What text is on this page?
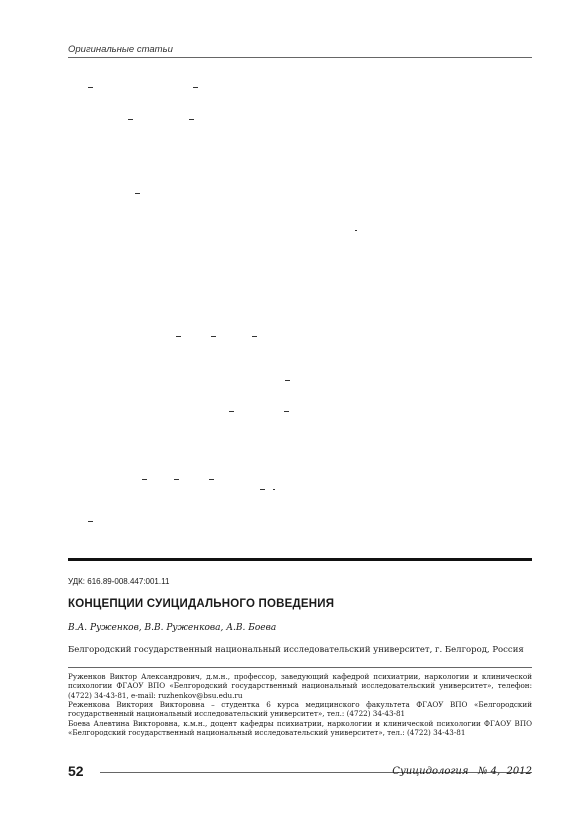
Оригинальные статьи
УДК: 616.89-008.447:001.11
КОНЦЕПЦИИ СУИЦИДАЛЬНОГО ПОВЕДЕНИЯ
В.А. Руженков, В.В. Руженкова, А.В. Боева
Белгородский государственный национальный исследовательский университет, г. Белгород, Россия

Руженков Виктор Александрович, д.м.н., профессор, заведующий кафедрой психиатрии, наркологии и клинической психологии ФГАОУ ВПО «Белгородский государственный национальный исследовательский университет», телефон: (4722) 34-43-81, e-mail: ruzhenkov@bsu.edu.ru

Реженкова Виктория Викторовна – студентка 6 курса медицинского факультета ФГАОУ ВПО «Белгородский государственный национальный исследовательский университет», тел.: (4722) 34-43-81

Боева Алевтина Викторовна, к.м.н., доцент кафедры психиатрии, наркологии и клинической психологии ФГАОУ ВПО «Белгородский государственный национальный исследовательский университет», тел.: (4722) 34-43-81

52	Суицидология   № 4,  2012
